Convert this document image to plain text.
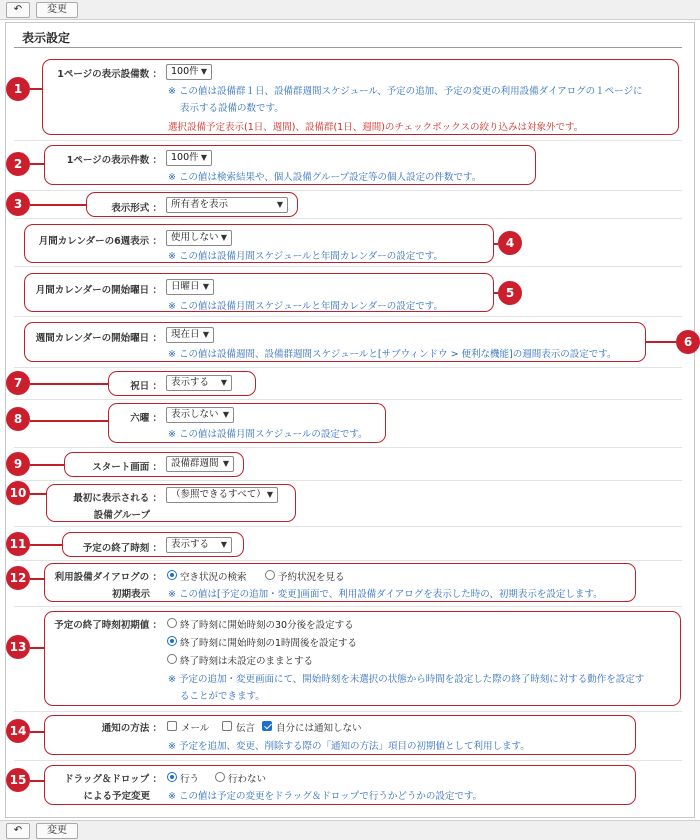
↶	変更
表示設定
1ページの表示設備数 ： 100件 ▼
※ この値は設備群１日、設備群週間スケジュール、予定の追加、予定の変更の利用設備ダイアログの１ページに
表示する設備の数です。
選択設備予定表示(1日、週間)、設備群(1日、週間)のチェックボックスの絞り込みは対象外です。
1
1ページの表示件数 ： 100件 ▼
※ この値は検索結果や、個人設備グループ設定等の個人設定の件数です。
2
表示形式 ： 所有者を表示	▼
3
月間カレンダーの6週表示 ： 使用しない ▼
※ この値は設備月間スケジュールと年間カレンダーの設定です。
4
月間カレンダーの開始曜日 ： 日曜日 ▼
※ この値は設備月間スケジュールと年間カレンダーの設定です。
5
週間カレンダーの開始曜日 ： 現在日 ▼
※ この値は設備週間、設備群週間スケジュールと[サブウィンドウ > 便利な機能]の週間表示の設定です。
6
祝日 ： 表示する ▼
7
六曜 ： 表示しない ▼
※ この値は設備月間スケジュールの設定です。
8
スタート画面 ： 設備群週間 ▼
9
最初に表示される ：
設備グループ
（参照できるすべて） ▼
10
予定の終了時刻 ： 表示する ▼
11
利用設備ダイアログの ：
初期表示
空き状況の検索	予約状況を見る
※ この値は[予定の追加・変更]画面で、利用設備ダイアログを表示した時の、初期表示を設定します。
12
予定の終了時刻初期値 ： 終了時刻に開始時刻の30分後を設定する
終了時刻に開始時刻の1時間後を設定する
終了時刻は未設定のままとする
※ 予定の追加・変更画面にて、開始時刻を未選択の状態から時間を設定した際の終了時刻に対する動作を設定す
ることができます。
13
通知の方法 ： メール	伝言 自分には通知しない
※ 予定を追加、変更、削除する際の「通知の方法」項目の初期値として利用します。
14
ドラッグ＆ドロップ ：
による予定変更
行う	行わない
※ この値は予定の変更をドラッグ＆ドロップで行うかどうかの設定です。
15
↶	変更
